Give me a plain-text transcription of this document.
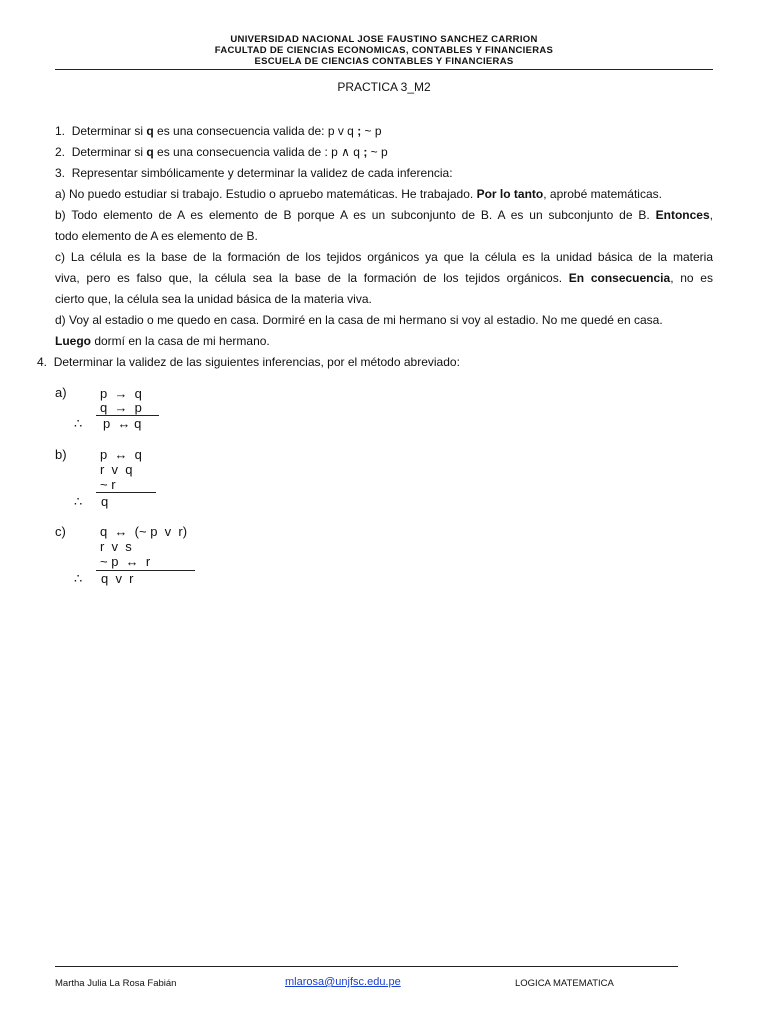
UNIVERSIDAD NACIONAL JOSE FAUSTINO SANCHEZ CARRION
FACULTAD DE CIENCIAS ECONOMICAS, CONTABLES Y FINANCIERAS
ESCUELA DE CIENCIAS CONTABLES Y FINANCIERAS
PRACTICA 3_M2
1. Determinar si q es una consecuencia valida de: p v q ; ~ p
2. Determinar si q es una consecuencia valida de : p ∧ q ; ~ p
3. Representar simbólicamente y determinar la validez de cada inferencia:
a) No puedo estudiar si trabajo. Estudio o apruebo matemáticas. He trabajado. Por lo tanto, aprobé matemáticas.
b) Todo elemento de A es elemento de B porque A es un subconjunto de B. A es un subconjunto de B. Entonces,
todo elemento de A es elemento de B.
c) La célula es la base de la formación de los tejidos orgánicos ya que la célula es la unidad básica de la materia
viva, pero es falso que, la célula sea la base de la formación de los tejidos orgánicos. En consecuencia, no es
cierto que, la célula sea la unidad básica de la materia viva.
d) Voy al estadio o me quedo en casa. Dormiré en la casa de mi hermano si voy al estadio. No me quedé en casa.
Luego dormí en la casa de mi hermano.
4. Determinar la validez de las siguientes inferencias, por el método abreviado:
a)	p  →  q
q  →  p
∴ p  ↔ q
b)	p  ↔  q
r  v  q
~ r
∴ q
c)	q  ↔  (~ p  v  r)
r  v  s
~ p  ↔  r
∴ q  v  r
Martha Julia La Rosa Fabián	mlarosa@unjfsc.edu.pe	LOGICA MATEMATICA
